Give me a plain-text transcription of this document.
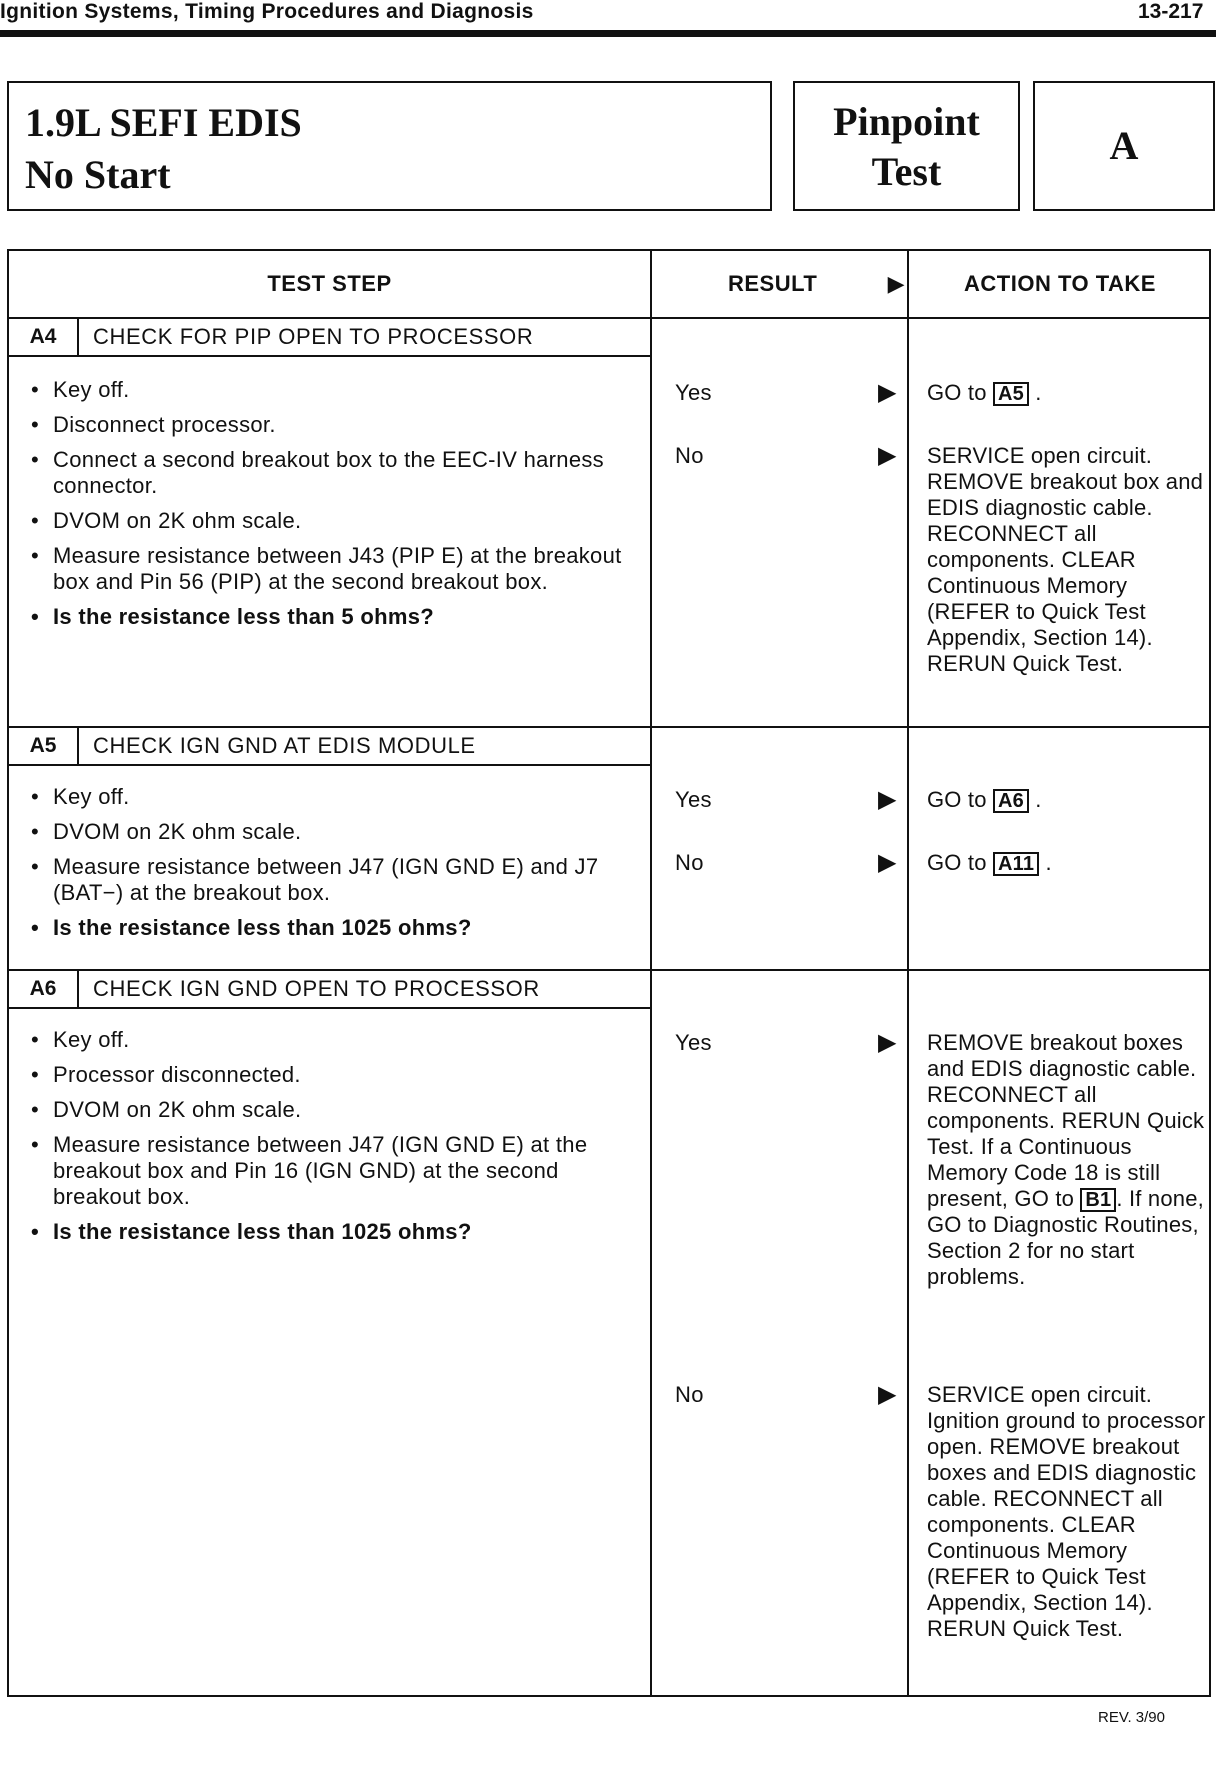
Ignition Systems, Timing Procedures and Diagnosis	13-217
1.9L SEFI EDIS
No Start
Pinpoint
Test
A
TEST STEP	RESULT	▶	ACTION TO TAKE
A4	CHECK FOR PIP OPEN TO PROCESSOR
• Key off.
• Disconnect processor.
• Connect a second breakout box to the EEC-IV harness connector.
• DVOM on 2K ohm scale.
• Measure resistance between J43 (PIP E) at the breakout box and Pin 56 (PIP) at the second breakout box.
• Is the resistance less than 5 ohms?
Yes	▶ GO to A5 .
No	▶ SERVICE open circuit. REMOVE breakout box and EDIS diagnostic cable. RECONNECT all components. CLEAR Continuous Memory (REFER to Quick Test Appendix, Section 14). RERUN Quick Test.
A5	CHECK IGN GND AT EDIS MODULE
• Key off.
• DVOM on 2K ohm scale.
• Measure resistance between J47 (IGN GND E) and J7 (BAT−) at the breakout box.
• Is the resistance less than 1025 ohms?
Yes	▶ GO to A6 .
No	▶ GO to A11 .
A6	CHECK IGN GND OPEN TO PROCESSOR
• Key off.
• Processor disconnected.
• DVOM on 2K ohm scale.
• Measure resistance between J47 (IGN GND E) at the breakout box and Pin 16 (IGN GND) at the second breakout box.
• Is the resistance less than 1025 ohms?
Yes	▶ REMOVE breakout boxes and EDIS diagnostic cable. RECONNECT all components. RERUN Quick Test. If a Continuous Memory Code 18 is still present, GO to B1 . If none, GO to Diagnostic Routines, Section 2 for no start problems.
No	▶ SERVICE open circuit. Ignition ground to processor open. REMOVE breakout boxes and EDIS diagnostic cable. RECONNECT all components. CLEAR Continuous Memory (REFER to Quick Test Appendix, Section 14). RERUN Quick Test.
REV. 3/90
